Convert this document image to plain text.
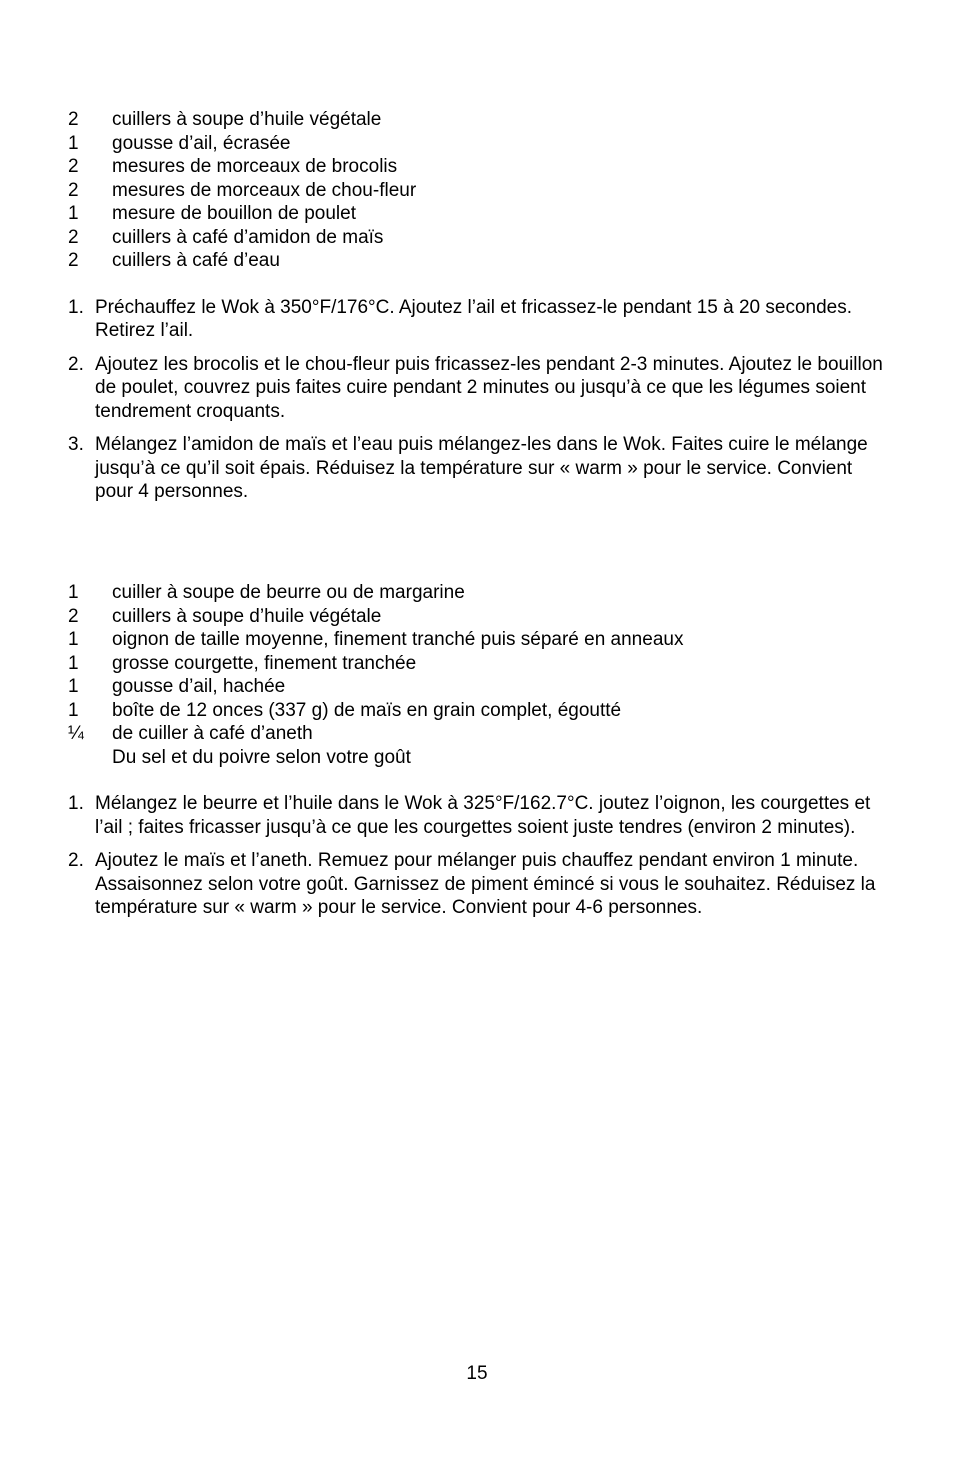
2	cuillers à soupe d’huile végétale
1	gousse d’ail, écrasée
2	mesures de morceaux de brocolis
2	mesures de morceaux de chou-fleur
1	mesure de bouillon de poulet
2	cuillers à café d’amidon de maïs
2	cuillers à café d’eau
1. Préchauffez le Wok à 350°F/176°C. Ajoutez l’ail et fricassez-le pendant 15 à 20 secondes. Retirez l’ail.
2. Ajoutez les brocolis et le chou-fleur puis fricassez-les pendant 2-3 minutes. Ajoutez le bouillon de poulet, couvrez puis faites cuire pendant 2 minutes ou jusqu’à ce que les légumes soient tendrement croquants.
3. Mélangez l’amidon de maïs et l’eau puis mélangez-les dans le Wok. Faites cuire le mélange jusqu’à ce qu’il soit épais. Réduisez la température sur « warm » pour le service. Convient pour 4 personnes.
1	cuiller à soupe de beurre ou de margarine
2	cuillers à soupe d’huile végétale
1	oignon de taille moyenne, finement tranché puis séparé en anneaux
1	grosse courgette, finement tranchée
1	gousse d’ail, hachée
1	boîte de 12 onces (337 g) de maïs en grain complet, égoutté
¼	de cuiller à café d’aneth
Du sel et du poivre selon votre goût
1. Mélangez le beurre et l’huile dans le Wok à 325°F/162.7°C. joutez l’oignon, les courgettes et l’ail ; faites fricasser jusqu’à ce que les courgettes soient juste tendres (environ 2 minutes).
2. Ajoutez le maïs et l’aneth. Remuez pour mélanger puis chauffez pendant environ 1 minute. Assaisonnez selon votre goût. Garnissez de piment émincé si vous le souhaitez. Réduisez la température sur « warm » pour le service. Convient pour 4-6 personnes.
15
